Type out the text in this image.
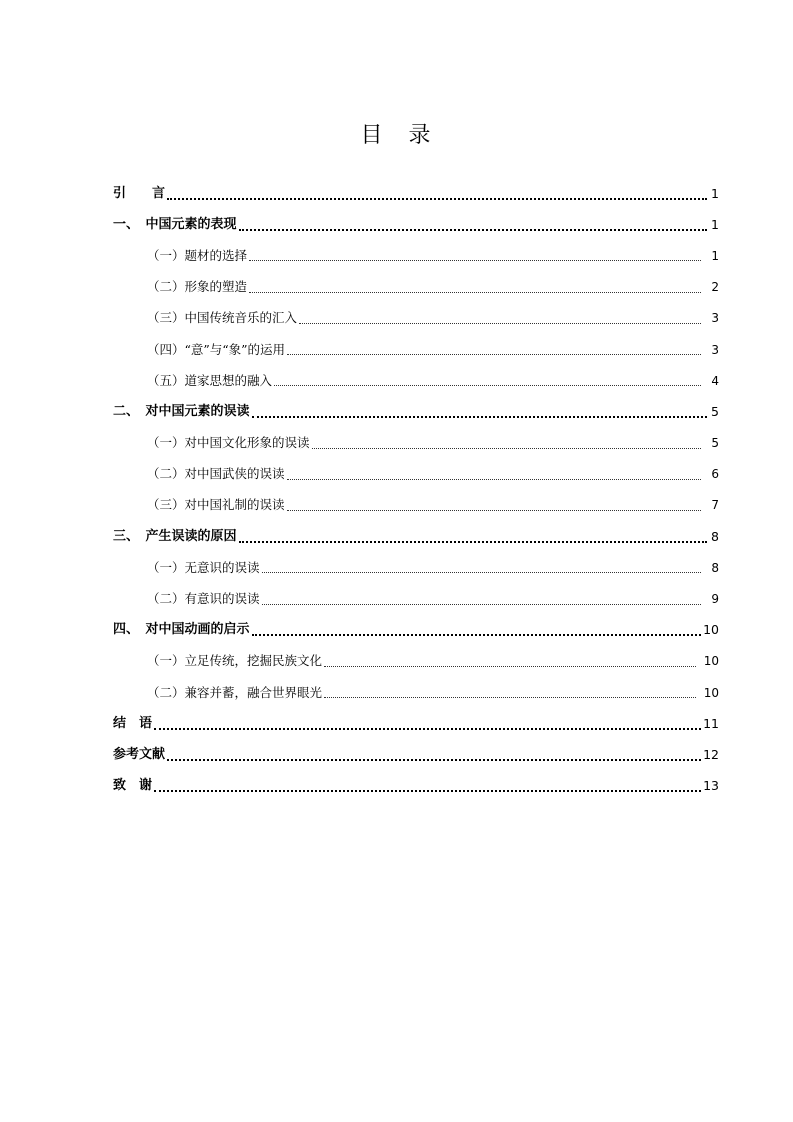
目　录
引　　言	1
一、　中国元素的表现	1
（一）题材的选择	1
（二）形象的塑造	2
（三）中国传统音乐的汇入	3
（四）“意”与“象”的运用	3
（五）道家思想的融入	4
二、　对中国元素的误读	5
（一）对中国文化形象的误读	5
（二）对中国武侠的误读	6
（三）对中国礼制的误读	7
三、　产生误读的原因	8
（一）无意识的误读	8
（二）有意识的误读	9
四、　对中国动画的启示	10
（一）立足传统，挖掘民族文化	10
（二）兼容并蓄，融合世界眼光	10
结　语	11
参考文献	12
致　谢	13
